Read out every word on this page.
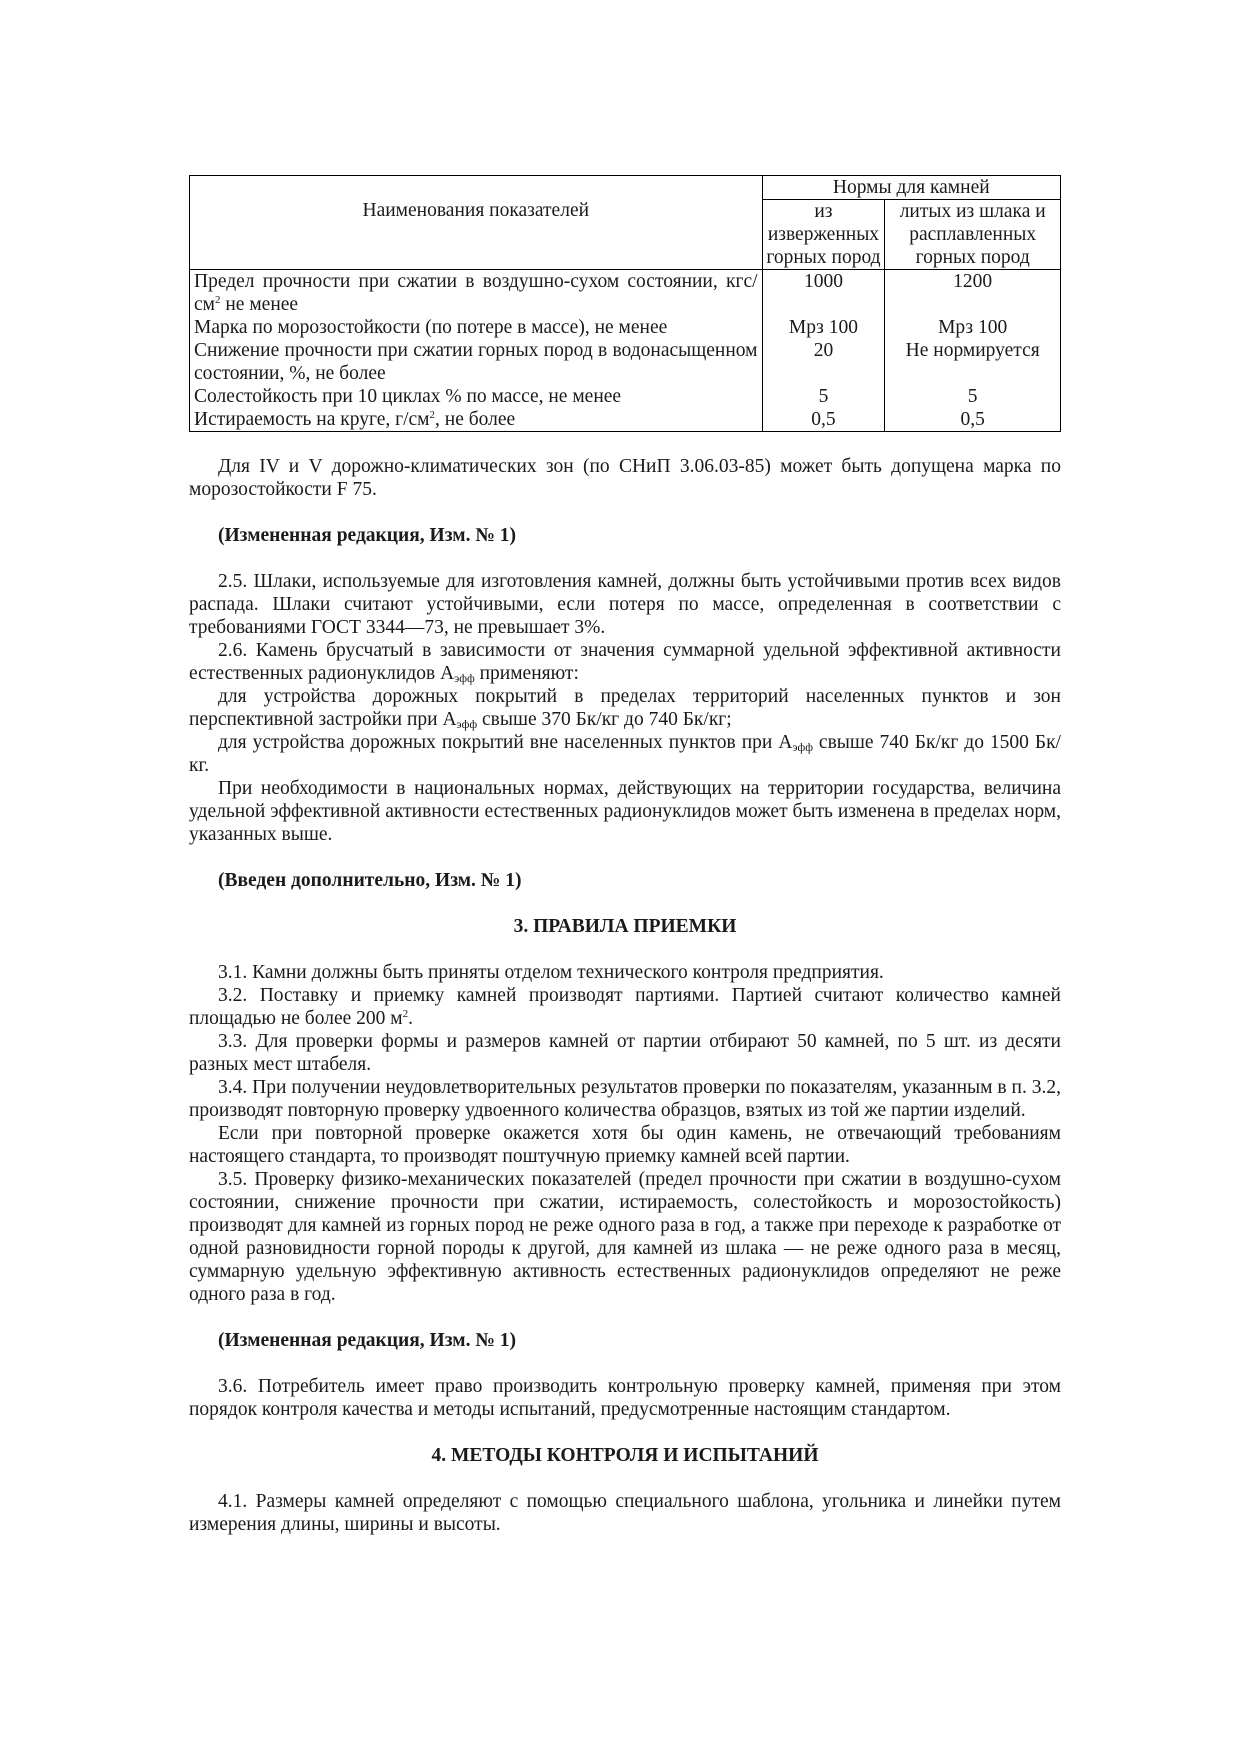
Наименования показателей	Нормы для камней	
	из изверженных горных пород	литых из шлака и расплавленных горных пород
Предел прочности при сжатии в воздушно-сухом состоянии, кгс/$см^2$ не менее	1000	1200
Марка по морозостойкости (по потере в массе), не менее	Мрз 100	Мрз 100
Снижение прочности при сжатии горных пород в водонасыщенном состоянии, %, не более	20	Не нормируется
Солестойкость при 10 циклах % по массе, не менее	5	5
Истираемость на круге, $г/см^2$, не более	0,5	0,5

Для IV и V дорожно-климатических зон (по СНиП 3.06.03-85) может быть допущена марка по морозостойкости F 75.

(Измененная редакция, Изм. № 1)

2.5. Шлаки, используемые для изготовления камней, должны быть устойчивыми против всех видов распада. Шлаки считают устойчивыми, если потеря по массе, определенная в соответствии с требованиями ГОСТ 3344—73, не превышает 3%.

2.6. Камень брусчатый в зависимости от значения суммарной удельной эффективной активности естественных радионуклидов $А_{эфф}$ применяют:

для устройства дорожных покрытий в пределах территорий населенных пунктов и зон перспективной застройки при $А_{эфф}$ свыше 370 Бк/кг до 740 Бк/кг;

для устройства дорожных покрытий вне населенных пунктов при $А_{эфф}$ свыше 740 Бк/кг до 1500 Бк/кг.

При необходимости в национальных нормах, действующих на территории государства, величина удельной эффективной активности естественных радионуклидов может быть изменена в пределах норм, указанных выше.

(Введен дополнительно, Изм. № 1)
3. ПРАВИЛА ПРИЕМКИ

3.1. Камни должны быть приняты отделом технического контроля предприятия.

3.2. Поставку и приемку камней производят партиями. Партией считают количество камней площадью не более 200 $м^2$.

3.3. Для проверки формы и размеров камней от партии отбирают 50 камней, по 5 шт. из десяти разных мест штабеля.

3.4. При получении неудовлетворительных результатов проверки по показателям, указанным в п. 3.2, производят повторную проверку удвоенного количества образцов, взятых из той же партии изделий.

Если при повторной проверке окажется хотя бы один камень, не отвечающий требованиям настоящего стандарта, то производят поштучную приемку камней всей партии.

3.5. Проверку физико-механических показателей (предел прочности при сжатии в воздушно-сухом состоянии, снижение прочности при сжатии, истираемость, солестойкость и морозостойкость) производят для камней из горных пород не реже одного раза в год, а также при переходе к разработке от одной разновидности горной породы к другой, для камней из шлака — не реже одного раза в месяц, суммарную удельную эффективную активность естественных радионуклидов определяют не реже одного раза в год.

(Измененная редакция, Изм. № 1)

3.6. Потребитель имеет право производить контрольную проверку камней, применяя при этом порядок контроля качества и методы испытаний, предусмотренные настоящим стандартом.

4. МЕТОДЫ КОНТРОЛЯ И ИСПЫТАНИЙ

4.1. Размеры камней определяют с помощью специального шаблона, угольника и линейки путем измерения длины, ширины и высоты.
